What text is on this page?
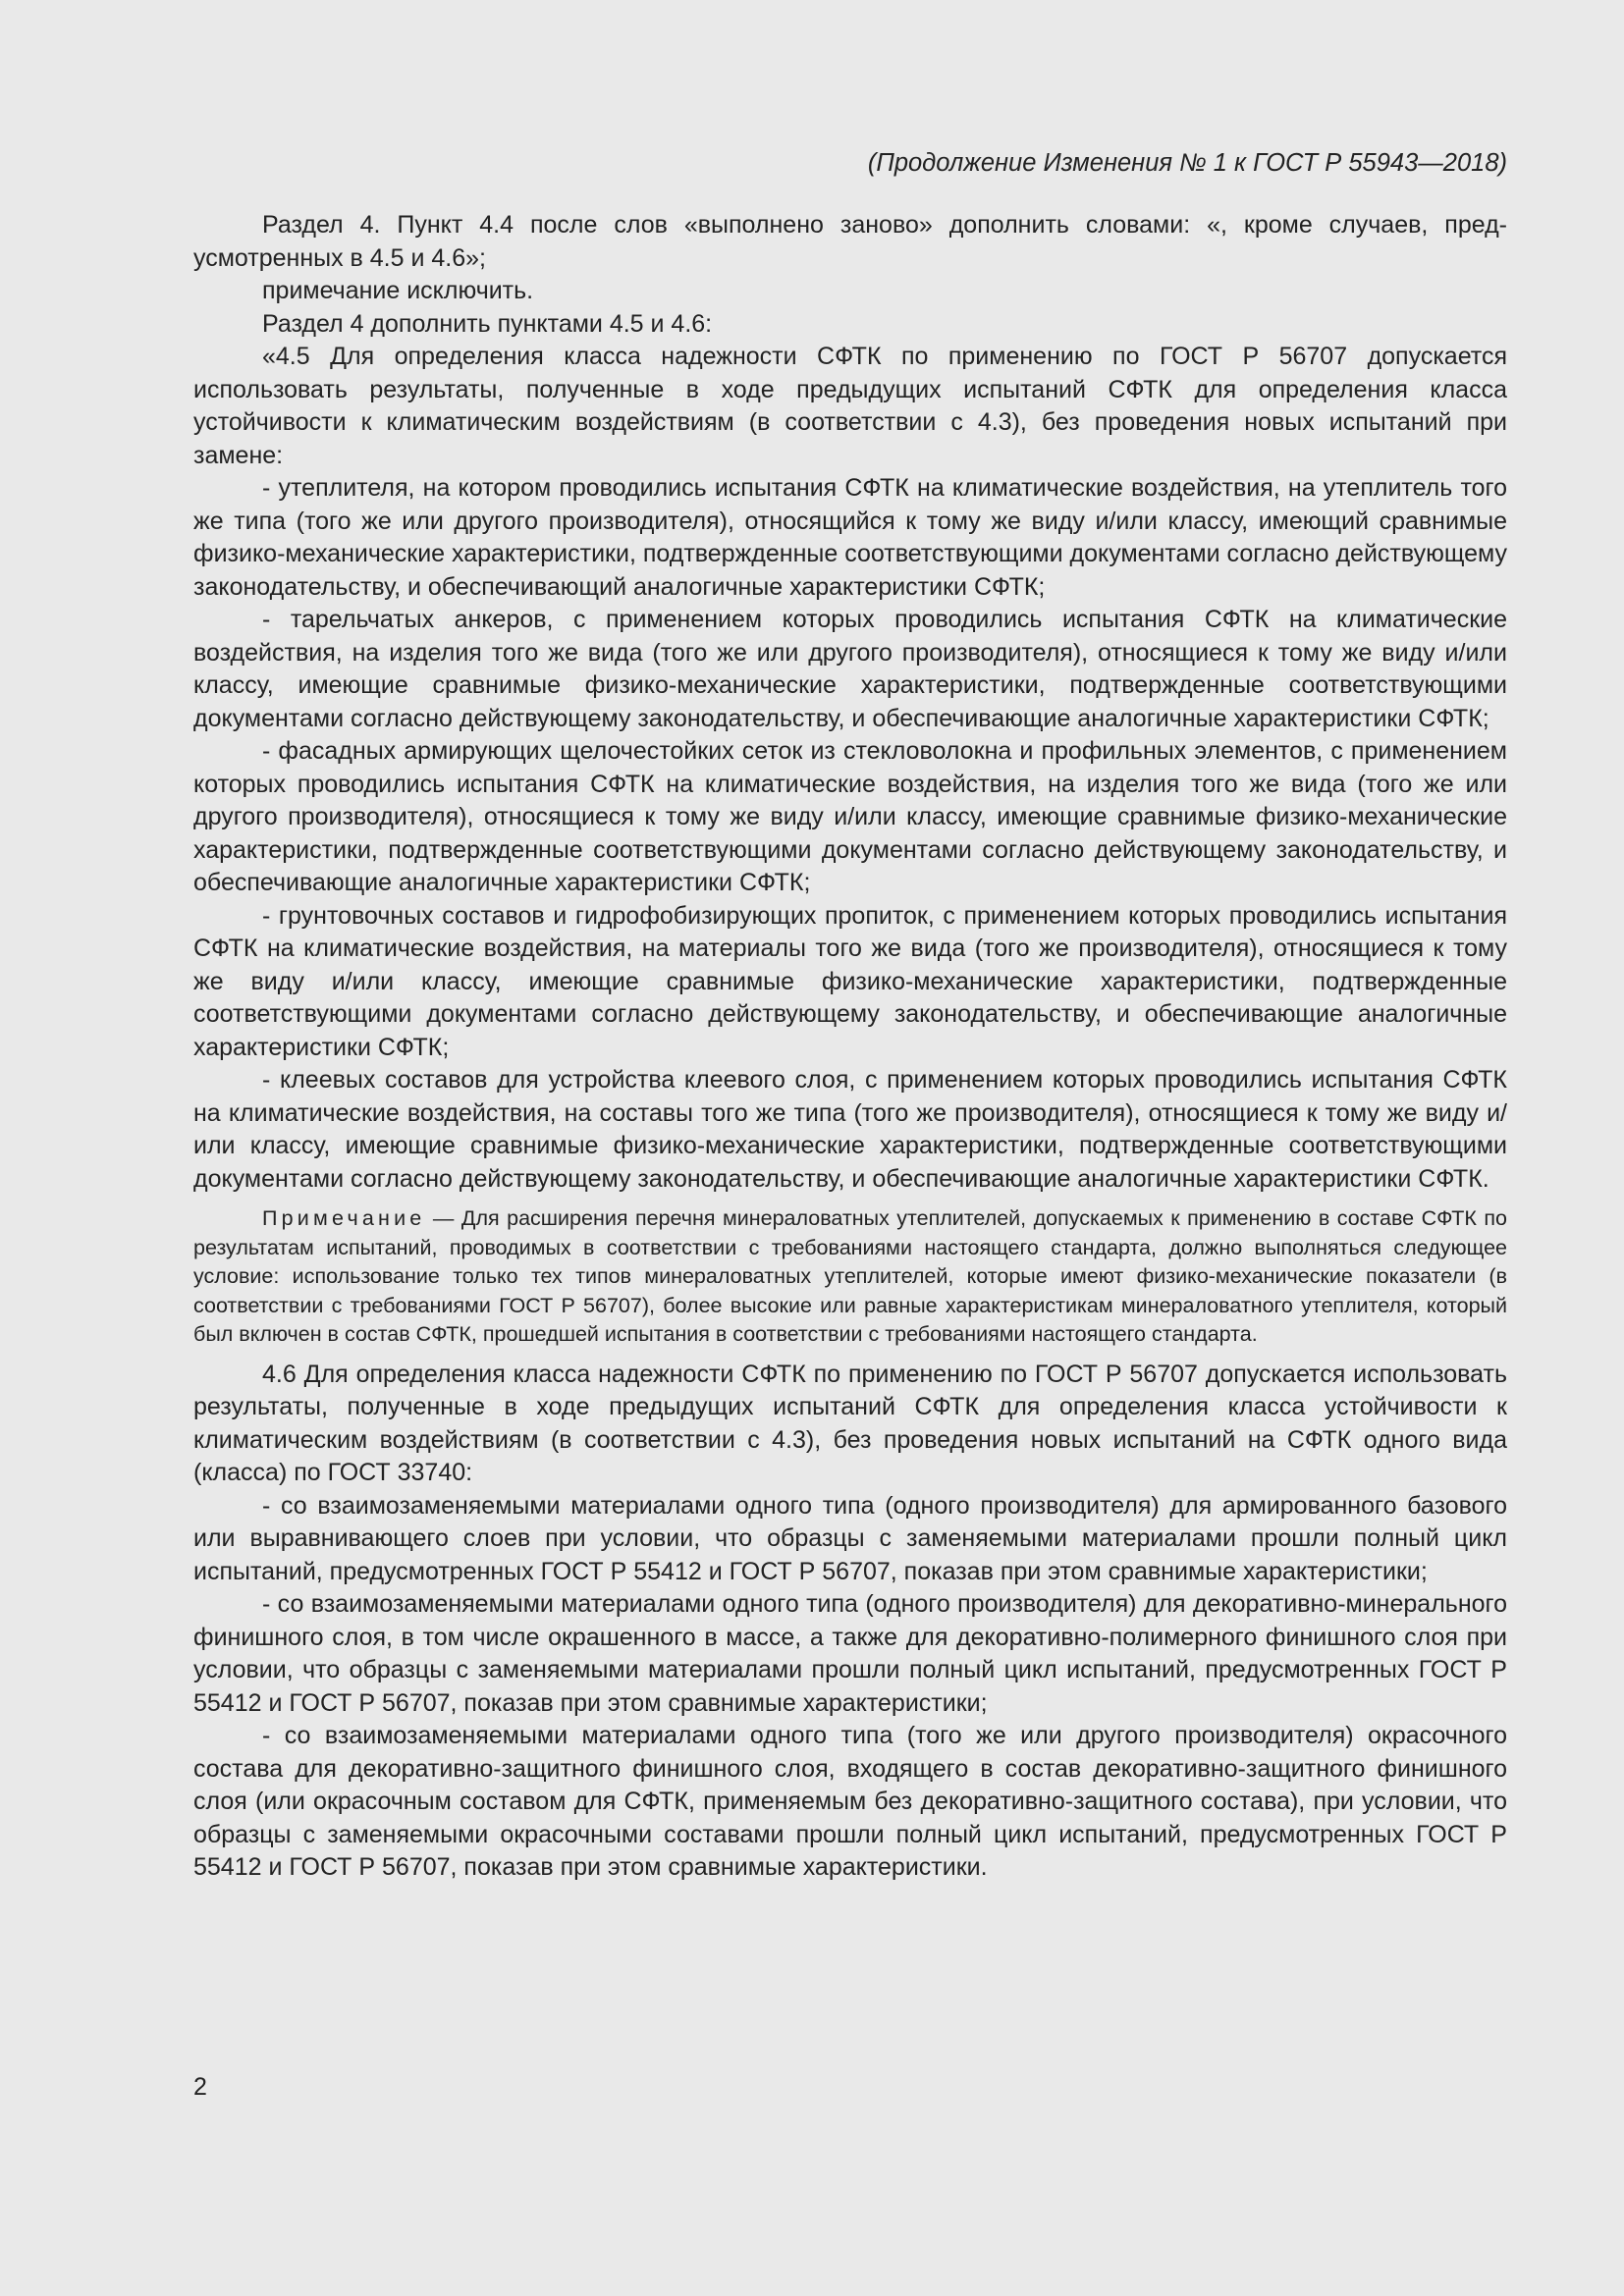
(Продолжение Изменения № 1 к ГОСТ Р 55943—2018)

Раздел 4. Пункт 4.4 после слов «выполнено заново» дополнить словами: «, кроме случаев, предусмотренных в 4.5 и 4.6»;

примечание исключить.

Раздел 4 дополнить пунктами 4.5 и 4.6:

«4.5 Для определения класса надежности СФТК по применению по ГОСТ Р 56707 допускается использовать результаты, полученные в ходе предыдущих испытаний СФТК для определения класса устойчивости к климатическим воздействиям (в соответствии с 4.3), без проведения новых испытаний при замене:

- утеплителя, на котором проводились испытания СФТК на климатические воздействия, на утеплитель того же типа (того же или другого производителя), относящийся к тому же виду и/или классу, имеющий сравнимые физико-механические характеристики, подтвержденные соответствующими документами согласно действующему законодательству, и обеспечивающий аналогичные характеристики СФТК;

- тарельчатых анкеров, с применением которых проводились испытания СФТК на климатические воздействия, на изделия того же вида (того же или другого производителя), относящиеся к тому же виду и/или классу, имеющие сравнимые физико-механические характеристики, подтвержденные соответствующими документами согласно действующему законодательству, и обеспечивающие аналогичные характеристики СФТК;

- фасадных армирующих щелочестойких сеток из стекловолокна и профильных элементов, с применением которых проводились испытания СФТК на климатические воздействия, на изделия того же вида (того же или другого производителя), относящиеся к тому же виду и/или классу, имеющие сравнимые физико-механические характеристики, подтвержденные соответствующими документами согласно действующему законодательству, и обеспечивающие аналогичные характеристики СФТК;

- грунтовочных составов и гидрофобизирующих пропиток, с применением которых проводились испытания СФТК на климатические воздействия, на материалы того же вида (того же производителя), относящиеся к тому же виду и/или классу, имеющие сравнимые физико-механические характеристики, подтвержденные соответствующими документами согласно действующему законодательству, и обеспечивающие аналогичные характеристики СФТК;

- клеевых составов для устройства клеевого слоя, с применением которых проводились испытания СФТК на климатические воздействия, на составы того же типа (того же производителя), относящиеся к тому же виду и/или классу, имеющие сравнимые физико-механические характеристики, подтвержденные соответствующими документами согласно действующему законодательству, и обеспечивающие аналогичные характеристики СФТК.

Примечание — Для расширения перечня минераловатных утеплителей, допускаемых к применению в составе СФТК по результатам испытаний, проводимых в соответствии с требованиями настоящего стандарта, должно выполняться следующее условие: использование только тех типов минераловатных утеплителей, которые имеют физико-механические показатели (в соответствии с требованиями ГОСТ Р 56707), более высокие или равные характеристикам минераловатного утеплителя, который был включен в состав СФТК, прошедшей испытания в соответствии с требованиями настоящего стандарта.

4.6 Для определения класса надежности СФТК по применению по ГОСТ Р 56707 допускается использовать результаты, полученные в ходе предыдущих испытаний СФТК для определения класса устойчивости к климатическим воздействиям (в соответствии с 4.3), без проведения новых испытаний на СФТК одного вида (класса) по ГОСТ 33740:

- со взаимозаменяемыми материалами одного типа (одного производителя) для армированного базового или выравнивающего слоев при условии, что образцы с заменяемыми материалами прошли полный цикл испытаний, предусмотренных ГОСТ Р 55412 и ГОСТ Р 56707, показав при этом сравнимые характеристики;

- со взаимозаменяемыми материалами одного типа (одного производителя) для декоративно-минерального финишного слоя, в том числе окрашенного в массе, а также для декоративно-полимерного финишного слоя при условии, что образцы с заменяемыми материалами прошли полный цикл испытаний, предусмотренных ГОСТ Р 55412 и ГОСТ Р 56707, показав при этом сравнимые характеристики;

- со взаимозаменяемыми материалами одного типа (того же или другого производителя) окрасочного состава для декоративно-защитного финишного слоя, входящего в состав декоративно-защитного финишного слоя (или окрасочным составом для СФТК, применяемым без декоративно-защитного состава), при условии, что образцы с заменяемыми окрасочными составами прошли полный цикл испытаний, предусмотренных ГОСТ Р 55412 и ГОСТ Р 56707, показав при этом сравнимые характеристики.

2
